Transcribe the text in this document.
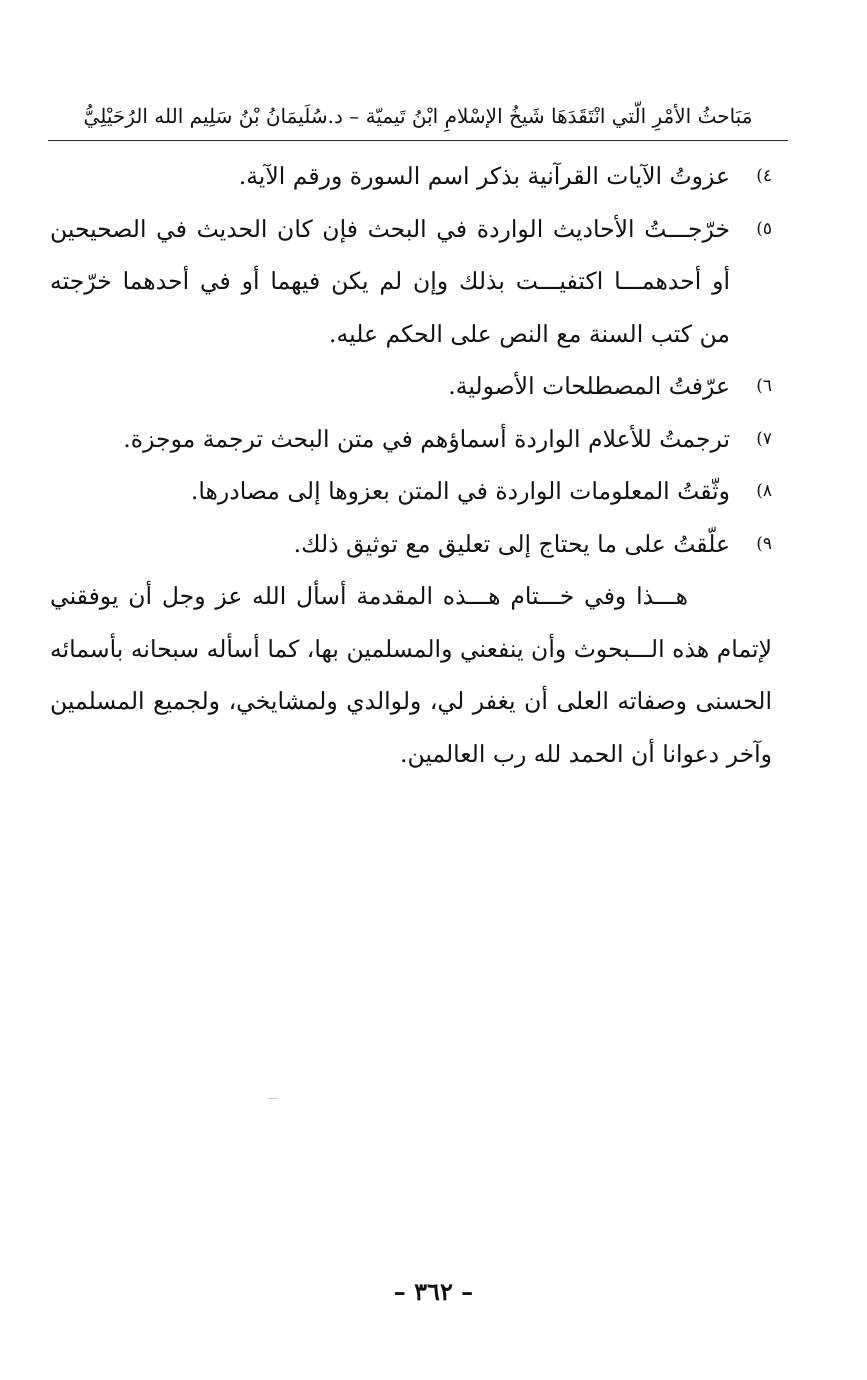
مَبَاحثُ الأمْرِ الّتي انْتَقَدَهَا شَيخُ الإسْلامِ ابْنُ تَيميّة – د.سُلَيمَانُ بْنُ سَلِيم الله الرُحَيْلِيُّ
٤)
عزوتُ الآيات القرآنية بذكر اسم السورة ورقم الآية.
٥)
خرّجـــتُ الأحاديث الواردة في البحث فإن كان الحديث في الصحيحين أو أحدهمـــا اكتفيـــت بذلك وإن لم يكن فيهما أو في أحدهما خرّجته من كتب السنة مع النص على الحكم عليه.
٦)
عرّفتُ المصطلحات الأصولية.
٧)
ترجمتُ للأعلام الواردة أسماؤهم في متن البحث ترجمة موجزة.
٨)
وثّقتُ المعلومات الواردة في المتن بعزوها إلى مصادرها.
٩)
علّقتُ على ما يحتاج إلى تعليق مع توثيق ذلك.
هـــذا وفي خـــتام هـــذه المقدمة أسأل الله عز وجل أن يوفقني لإتمام هذه الـــبحوث وأن ينفعني والمسلمين بها، كما أسأله سبحانه بأسمائه الحسنى وصفاته العلى أن يغفر لي، ولوالدي ولمشايخي، ولجميع المسلمين وآخر دعوانا أن الحمد لله رب العالمين.
– ٣٦٢ –
